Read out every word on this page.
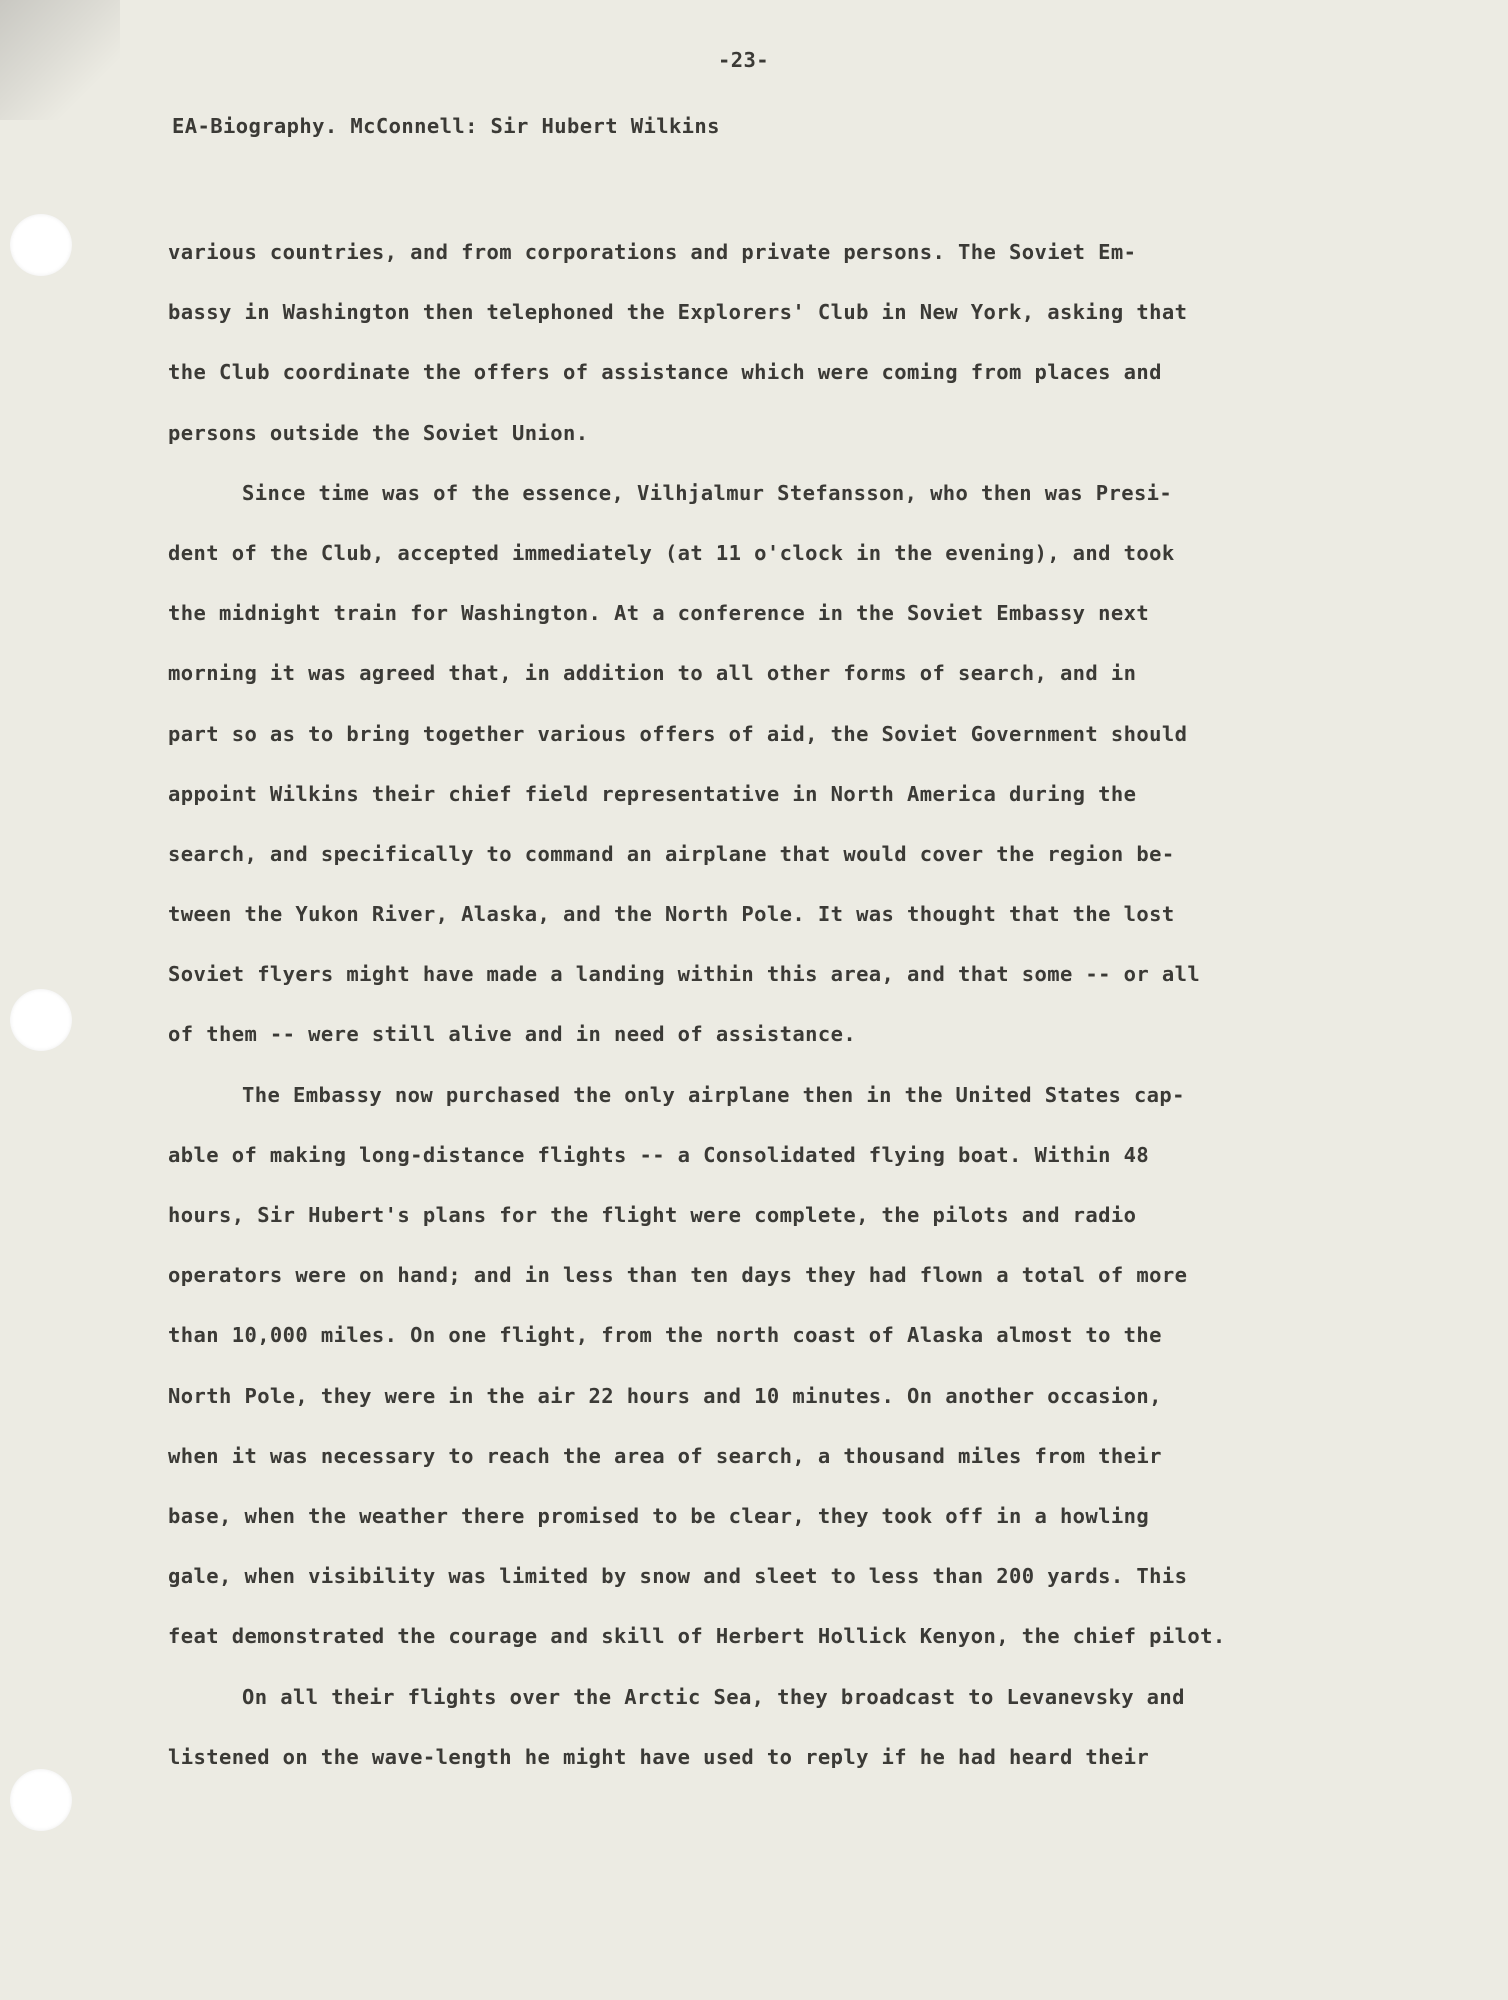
-23-
EA-Biography. McConnell: Sir Hubert Wilkins
various countries, and from corporations and private persons. The Soviet Em-
bassy in Washington then telephoned the Explorers' Club in New York, asking that
the Club coordinate the offers of assistance which were coming from places and
persons outside the Soviet Union.
Since time was of the essence, Vilhjalmur Stefansson, who then was Presi-
dent of the Club, accepted immediately (at 11 o'clock in the evening), and took
the midnight train for Washington. At a conference in the Soviet Embassy next
morning it was agreed that, in addition to all other forms of search, and in
part so as to bring together various offers of aid, the Soviet Government should
appoint Wilkins their chief field representative in North America during the
search, and specifically to command an airplane that would cover the region be-
tween the Yukon River, Alaska, and the North Pole. It was thought that the lost
Soviet flyers might have made a landing within this area, and that some -- or all
of them -- were still alive and in need of assistance.
The Embassy now purchased the only airplane then in the United States cap-
able of making long-distance flights -- a Consolidated flying boat. Within 48
hours, Sir Hubert's plans for the flight were complete, the pilots and radio
operators were on hand; and in less than ten days they had flown a total of more
than 10,000 miles. On one flight, from the north coast of Alaska almost to the
North Pole, they were in the air 22 hours and 10 minutes. On another occasion,
when it was necessary to reach the area of search, a thousand miles from their
base, when the weather there promised to be clear, they took off in a howling
gale, when visibility was limited by snow and sleet to less than 200 yards. This
feat demonstrated the courage and skill of Herbert Hollick Kenyon, the chief pilot.
On all their flights over the Arctic Sea, they broadcast to Levanevsky and
listened on the wave-length he might have used to reply if he had heard their
